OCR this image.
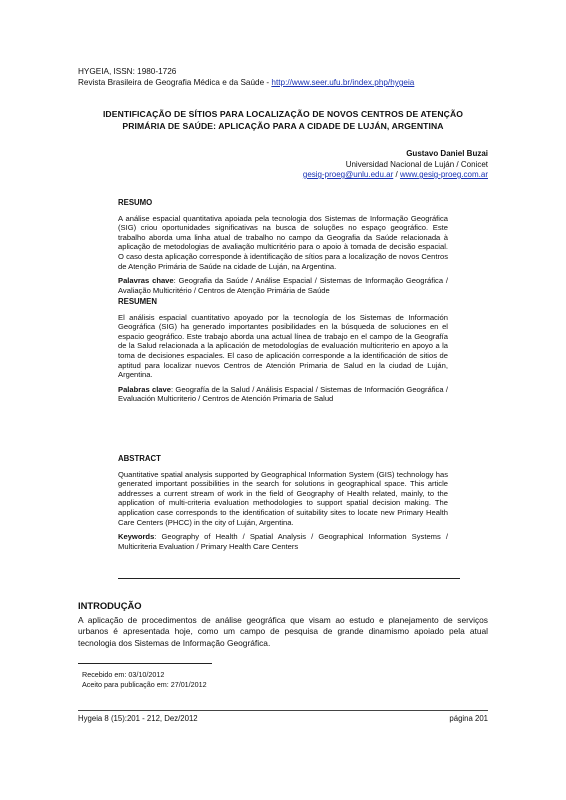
HYGEIA, ISSN: 1980-1726
Revista Brasileira de Geografia Médica e da Saúde - http://www.seer.ufu.br/index.php/hygeia
IDENTIFICAÇÃO DE SÍTIOS PARA LOCALIZAÇÃO DE NOVOS CENTROS DE ATENÇÃO
PRIMÁRIA DE SAÚDE: APLICAÇÃO PARA A CIDADE DE LUJÁN, ARGENTINA
Gustavo Daniel Buzai
Universidad Nacional de Luján / Conicet
gesig-proeg@unlu.edu.ar / www.gesig-proeg.com.ar
RESUMO
A análise espacial quantitativa apoiada pela tecnologia dos Sistemas de Informação Geográfica (SIG) criou oportunidades significativas na busca de soluções no espaço geográfico. Este trabalho aborda uma linha atual de trabalho no campo da Geografia da Saúde relacionada à aplicação de metodologias de avaliação multicritério para o apoio à tomada de decisão espacial. O caso desta aplicação corresponde à identificação de sítios para a localização de novos Centros de Atenção Primária de Saúde na cidade de Luján, na Argentina.
Palavras chave: Geografia da Saúde / Análise Espacial / Sistemas de Informação Geográfica / Avaliação Multicritério / Centros de Atenção Primária de Saúde
RESUMEN
El análisis espacial cuantitativo apoyado por la tecnología de los Sistemas de Información Geográfica (SIG) ha generado importantes posibilidades en la búsqueda de soluciones en el espacio geográfico. Este trabajo aborda una actual línea de trabajo en el campo de la Geografía de la Salud relacionada a la aplicación de metodologías de evaluación multicriterio en apoyo a la toma de decisiones espaciales. El caso de aplicación corresponde a la identificación de sitios de aptitud para localizar nuevos Centros de Atención Primaria de Salud en la ciudad de Luján, Argentina.
Palabras clave: Geografía de la Salud / Análisis Espacial / Sistemas de Información Geográfica / Evaluación Multicriterio / Centros de Atención Primaria de Salud
ABSTRACT
Quantitative spatial analysis supported by Geographical Information System (GIS) technology has generated important possibilities in the search for solutions in geographical space. This article addresses a current stream of work in the field of Geography of Health related, mainly, to the application of multi-criteria evaluation methodologies to support spatial decision making. The application case corresponds to the identification of suitability sites to locate new Primary Health Care Centers (PHCC) in the city of Luján, Argentina.
Keywords: Geography of Health / Spatial Analysis / Geographical Information Systems / Multicriteria Evaluation / Primary Health Care Centers
INTRODUÇÃO
A aplicação de procedimentos de análise geográfica que visam ao estudo e planejamento de serviços urbanos é apresentada hoje, como um campo de pesquisa de grande dinamismo apoiado pela atual tecnologia dos Sistemas de Informação Geográfica.
Recebido em: 03/10/2012
Aceito para publicação em: 27/01/2012
Hygeia 8 (15):201 - 212, Dez/2012	página 201
